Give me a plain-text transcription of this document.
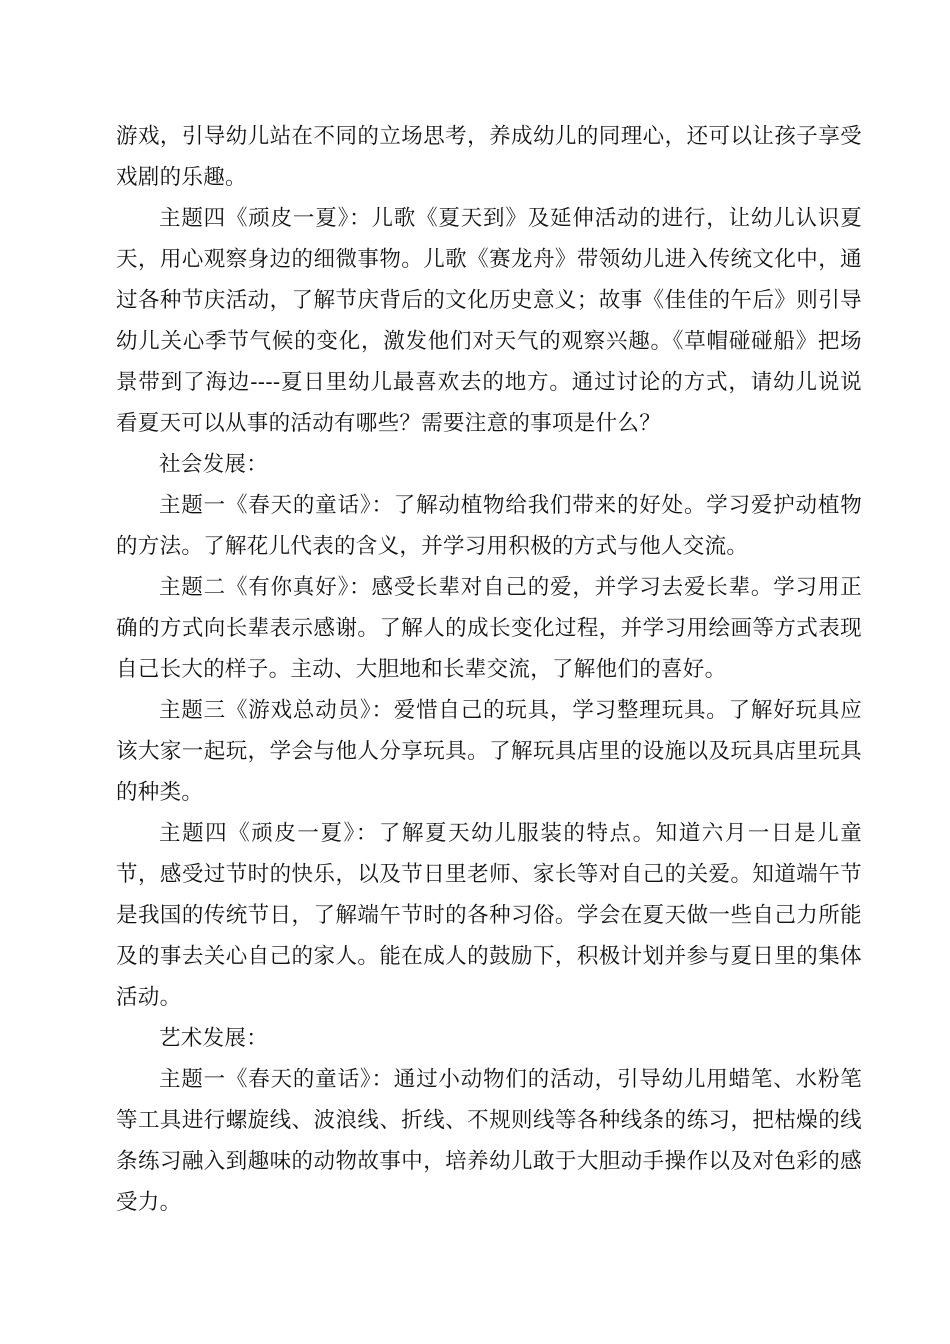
游戏，引导幼儿站在不同的立场思考，养成幼儿的同理心，还可以让孩子享受戏剧的乐趣。

主题四《顽皮一夏》：儿歌《夏天到》及延伸活动的进行，让幼儿认识夏天，用心观察身边的细微事物。儿歌《赛龙舟》带领幼儿进入传统文化中，通过各种节庆活动，了解节庆背后的文化历史意义；故事《佳佳的午后》则引导幼儿关心季节气候的变化，激发他们对天气的观察兴趣。《草帽碰碰船》把场景带到了海边----夏日里幼儿最喜欢去的地方。通过讨论的方式，请幼儿说说看夏天可以从事的活动有哪些？需要注意的事项是什么？

社会发展：

主题一《春天的童话》：了解动植物给我们带来的好处。学习爱护动植物的方法。了解花儿代表的含义，并学习用积极的方式与他人交流。

主题二《有你真好》：感受长辈对自己的爱，并学习去爱长辈。学习用正确的方式向长辈表示感谢。了解人的成长变化过程，并学习用绘画等方式表现自己长大的样子。主动、大胆地和长辈交流，了解他们的喜好。

主题三《游戏总动员》：爱惜自己的玩具，学习整理玩具。了解好玩具应该大家一起玩，学会与他人分享玩具。了解玩具店里的设施以及玩具店里玩具的种类。

主题四《顽皮一夏》：了解夏天幼儿服装的特点。知道六月一日是儿童节，感受过节时的快乐，以及节日里老师、家长等对自己的关爱。知道端午节是我国的传统节日，了解端午节时的各种习俗。学会在夏天做一些自己力所能及的事去关心自己的家人。能在成人的鼓励下，积极计划并参与夏日里的集体活动。

艺术发展：

主题一《春天的童话》：通过小动物们的活动，引导幼儿用蜡笔、水粉笔等工具进行螺旋线、波浪线、折线、不规则线等各种线条的练习，把枯燥的线条练习融入到趣味的动物故事中，培养幼儿敢于大胆动手操作以及对色彩的感受力。
